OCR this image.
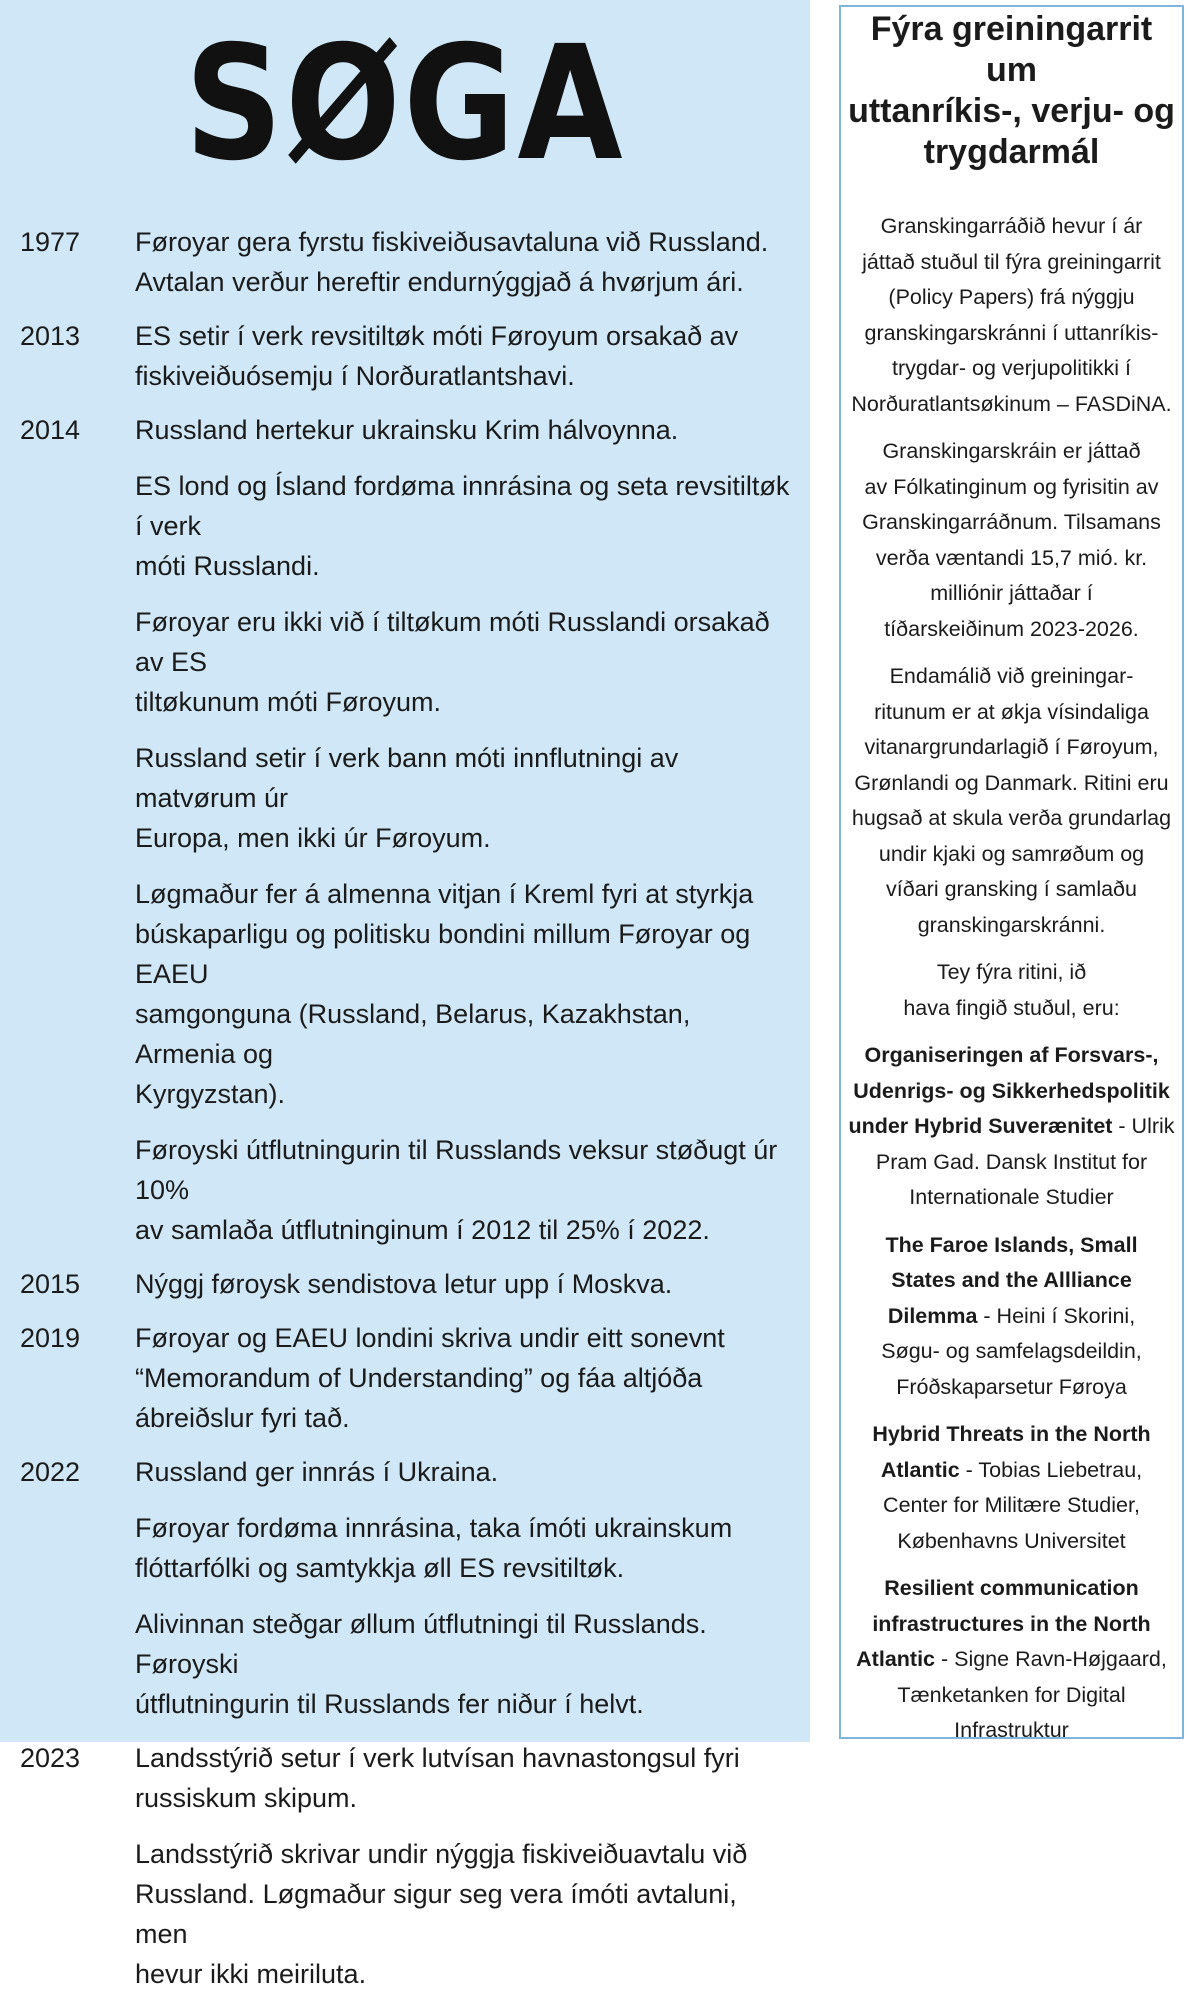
SØGA
1977 Føroyar gera fyrstu fiskiveiðusavtaluna við Russland.
Avtalan verður hereftir endurnýggjað á hvørjum ári.
2013 ES setir í verk revsitiltøk móti Føroyum orsakað av
fiskiveiðuósemju í Norðuratlantshavi.
2014 Russland hertekur ukrainsku Krim hálvoynna.
ES lond og Ísland fordøma innrásina og seta revsitiltøk í verk
móti Russlandi.
Føroyar eru ikki við í tiltøkum móti Russlandi orsakað av ES
tiltøkunum móti Føroyum.
Russland setir í verk bann móti innflutningi av matvørum úr
Europa, men ikki úr Føroyum.
Løgmaður fer á almenna vitjan í Kreml fyri at styrkja
búskaparligu og politisku bondini millum Føroyar og EAEU
samgonguna (Russland, Belarus, Kazakhstan, Armenia og
Kyrgyzstan).
Føroyski útflutningurin til Russlands veksur støðugt úr 10%
av samlaða útflutninginum í 2012 til 25% í 2022.
2015 Nýggj føroysk sendistova letur upp í Moskva.
2019 Føroyar og EAEU londini skriva undir eitt sonevnt
“Memorandum of Understanding” og fáa altjóða
ábreiðslur fyri tað.
2022 Russland ger innrás í Ukraina.
Føroyar fordøma innrásina, taka ímóti ukrainskum
flóttarfólki og samtykkja øll ES revsitiltøk.
Alivinnan steðgar øllum útflutningi til Russlands. Føroyski
útflutningurin til Russlands fer niður í helvt.
2023 Landsstýrið setur í verk lutvísan havnastongsul fyri
russiskum skipum.
Landsstýrið skrivar undir nýggja fiskiveiðuavtalu við
Russland. Løgmaður sigur seg vera ímóti avtaluni, men
hevur ikki meiriluta.
Fýra greiningarrit um
uttanríkis-, verju- og
trygdarmál
Granskingarráðið hevur í ár
játtað stuðul til fýra greiningarrit
(Policy Papers) frá nýggju
granskingarskránni í uttanríkis-
trygdar- og verjupolitikki í
Norðuratlantsøkinum – FASDiNA.
Granskingarskráin er játtað
av Fólkatinginum og fyrisitin av
Granskingarráðnum. Tilsamans
verða væntandi 15,7 mió. kr.
milliónir játtaðar í
tíðarskeiðinum 2023-2026.
Endamálið við greiningar-
ritunum er at økja vísindaliga
vitanargrundarlagið í Føroyum,
Grønlandi og Danmark. Ritini eru
hugsað at skula verða grundarlag
undir kjaki og samrøðum og
víðari gransking í samlaðu
granskingarskránni.
Tey fýra ritini, ið
hava fingið stuðul, eru:
Organiseringen af Forsvars-,
Udenrigs- og Sikkerhedspolitik
under Hybrid Suverænitet - Ulrik
Pram Gad. Dansk Institut for
Internationale Studier
The Faroe Islands, Small
States and the Allliance
Dilemma - Heini í Skorini,
Søgu- og samfelagsdeildin,
Fróðskaparsetur Føroya
Hybrid Threats in the North
Atlantic - Tobias Liebetrau,
Center for Militære Studier,
Københavns Universitet
Resilient communication
infrastructures in the North
Atlantic - Signe Ravn-Højgaard,
Tænketanken for Digital
Infrastruktur
